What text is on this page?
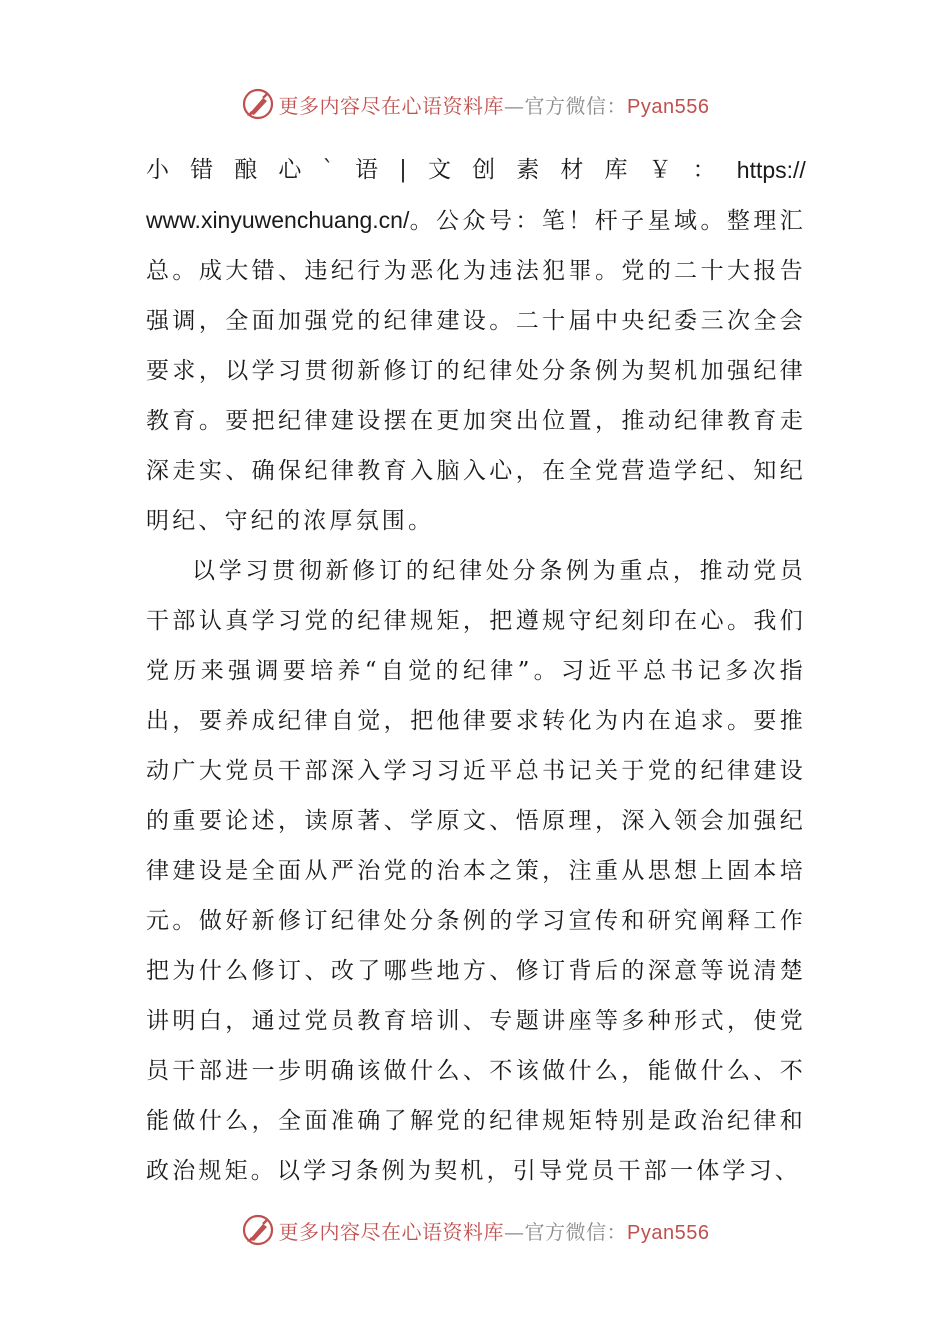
更多内容尽在心语资料库—官方微信：Pyan556
小 错 酿 心 ` 语 | 文 创 素 材 库 ￥ ： https://

www.xinyuwenchuang.cn/。公众号：笔！杆子星域。整理汇总。成大错、违纪行为恶化为违法犯罪。党的二十大报告强调，全面加强党的纪律建设。二十届中央纪委三次全会要求，以学习贯彻新修订的纪律处分条例为契机加强纪律教育。要把纪律建设摆在更加突出位置，推动纪律教育走深走实、确保纪律教育入脑入心，在全党营造学纪、知纪明纪、守纪的浓厚氛围。

以学习贯彻新修订的纪律处分条例为重点，推动党员干部认真学习党的纪律规矩，把遵规守纪刻印在心。我们党历来强调要培养“自觉的纪律”。习近平总书记多次指出，要养成纪律自觉，把他律要求转化为内在追求。要推动广大党员干部深入学习习近平总书记关于党的纪律建设的重要论述，读原著、学原文、悟原理，深入领会加强纪律建设是全面从严治党的治本之策，注重从思想上固本培元。做好新修订纪律处分条例的学习宣传和研究阐释工作把为什么修订、改了哪些地方、修订背后的深意等说清楚讲明白，通过党员教育培训、专题讲座等多种形式，使党员干部进一步明确该做什么、不该做什么，能做什么、不能做什么，全面准确了解党的纪律规矩特别是政治纪律和政治规矩。以学习条例为契机，引导党员干部一体学习、

更多内容尽在心语资料库—官方微信：Pyan556
